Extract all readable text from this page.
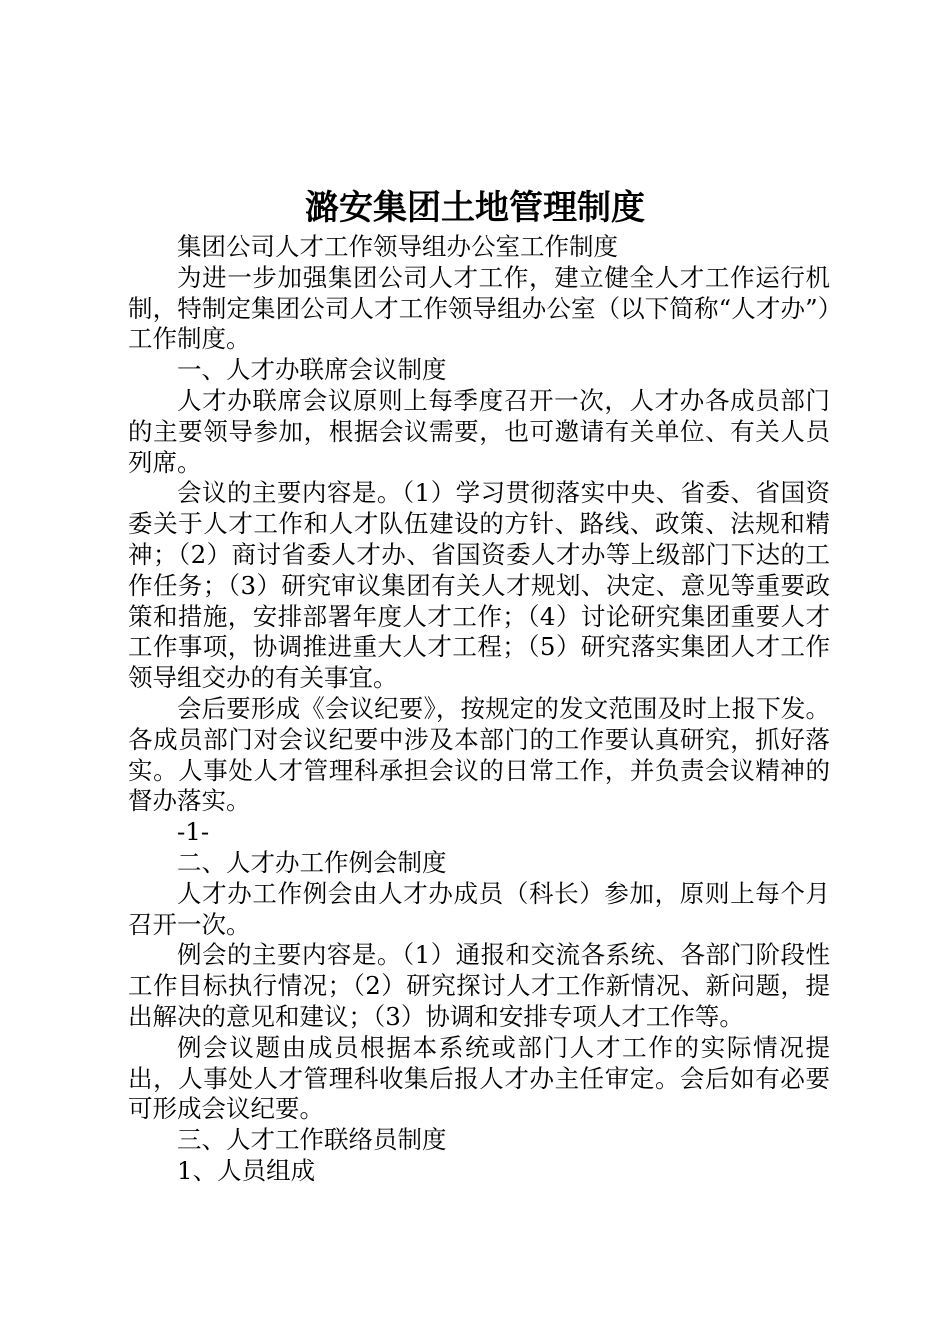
潞安集团土地管理制度

集团公司人才工作领导组办公室工作制度

为进一步加强集团公司人才工作，建立健全人才工作运行机制，特制定集团公司人才工作领导组办公室（以下简称“人才办”）工作制度。

一、人才办联席会议制度

人才办联席会议原则上每季度召开一次，人才办各成员部门的主要领导参加，根据会议需要，也可邀请有关单位、有关人员列席。

会议的主要内容是。（1）学习贯彻落实中央、省委、省国资委关于人才工作和人才队伍建设的方针、路线、政策、法规和精神；（2）商讨省委人才办、省国资委人才办等上级部门下达的工作任务；（3）研究审议集团有关人才规划、决定、意见等重要政策和措施，安排部署年度人才工作；（4）讨论研究集团重要人才工作事项，协调推进重大人才工程；（5）研究落实集团人才工作领导组交办的有关事宜。

会后要形成《会议纪要》，按规定的发文范围及时上报下发。各成员部门对会议纪要中涉及本部门的工作要认真研究，抓好落实。人事处人才管理科承担会议的日常工作，并负责会议精神的督办落实。

-1-

二、人才办工作例会制度

人才办工作例会由人才办成员（科长）参加，原则上每个月召开一次。

例会的主要内容是。（1）通报和交流各系统、各部门阶段性工作目标执行情况；（2）研究探讨人才工作新情况、新问题，提出解决的意见和建议；（3）协调和安排专项人才工作等。

例会议题由成员根据本系统或部门人才工作的实际情况提出，人事处人才管理科收集后报人才办主任审定。会后如有必要可形成会议纪要。

三、人才工作联络员制度

1、人员组成
